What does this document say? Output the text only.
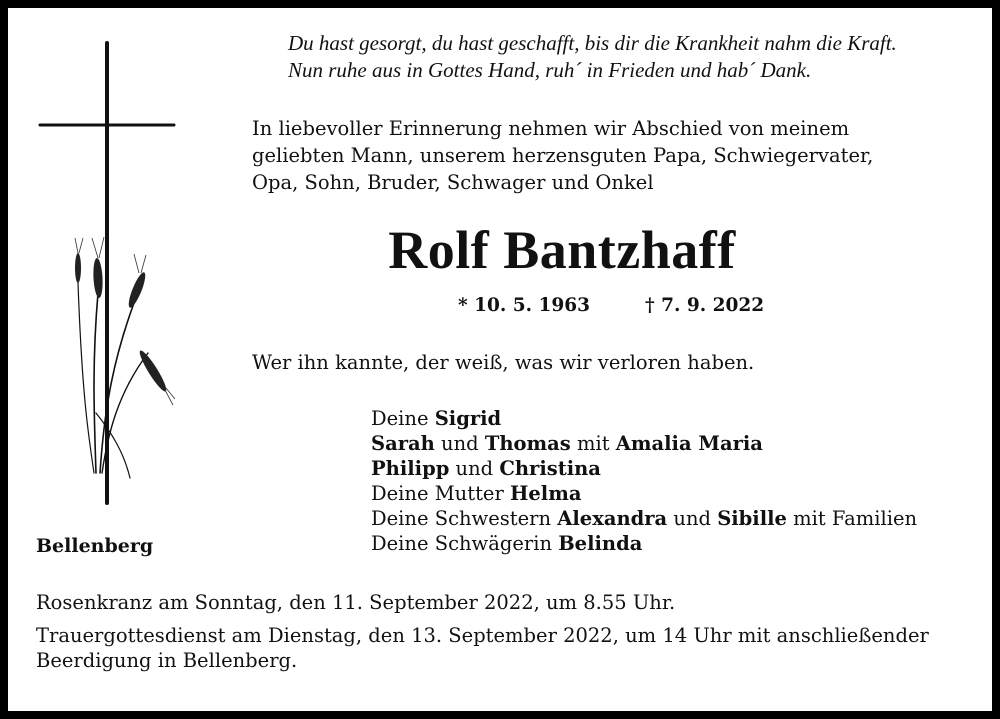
Du hast gesorgt, du hast geschafft, bis dir die Krankheit nahm die Kraft.
Nun ruhe aus in Gottes Hand, ruh´ in Frieden und hab´ Dank.
In liebevoller Erinnerung nehmen wir Abschied von meinem
geliebten Mann, unserem herzensguten Papa, Schwiegervater,
Opa, Sohn, Bruder, Schwager und Onkel
Rolf Bantzhaff
* 10. 5. 1963	† 7. 9. 2022
Wer ihn kannte, der weiß, was wir verloren haben.
Deine Sigrid
Sarah und Thomas mit Amalia Maria
Philipp und Christina
Deine Mutter Helma
Deine Schwestern Alexandra und Sibille mit Familien
Deine Schwägerin Belinda
Bellenberg
Rosenkranz am Sonntag, den 11. September 2022, um 8.55 Uhr.
Trauergottesdienst am Dienstag, den 13. September 2022, um 14 Uhr mit anschließender Beerdigung in Bellenberg.
